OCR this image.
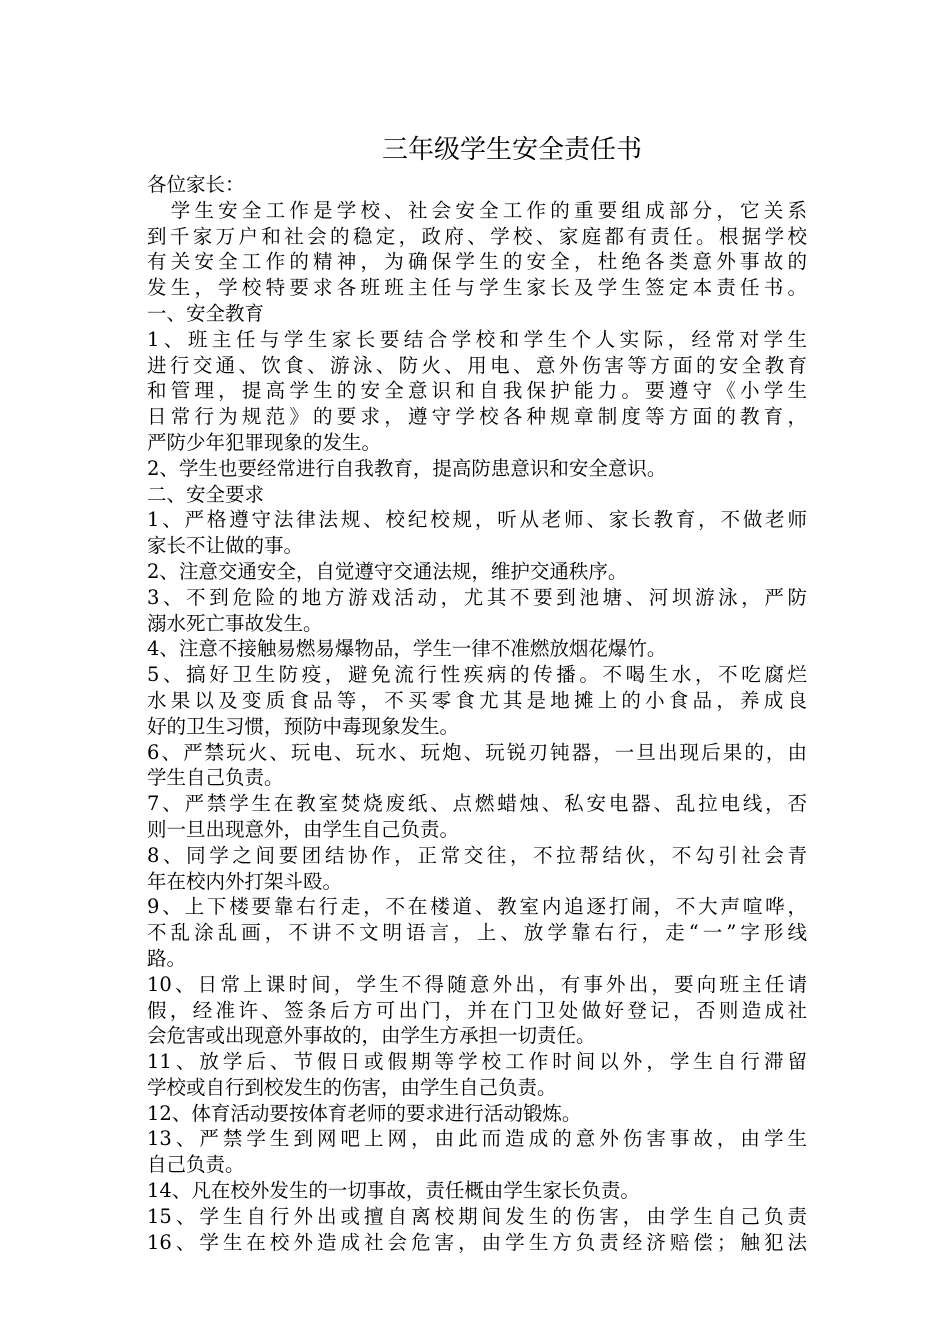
三年级学生安全责任书
各位家长：
　学生安全工作是学校、社会安全工作的重要组成部分，它关系
到千家万户和社会的稳定，政府、学校、家庭都有责任。根据学校
有关安全工作的精神，为确保学生的安全，杜绝各类意外事故的
发生，学校特要求各班班主任与学生家长及学生签定本责任书。
一、安全教育
1、班主任与学生家长要结合学校和学生个人实际，经常对学生
进行交通、饮食、游泳、防火、用电、意外伤害等方面的安全教育
和管理，提高学生的安全意识和自我保护能力。要遵守《小学生
日常行为规范》的要求，遵守学校各种规章制度等方面的教育，
严防少年犯罪现象的发生。
2、学生也要经常进行自我教育，提高防患意识和安全意识。
二、安全要求
1、严格遵守法律法规、校纪校规，听从老师、家长教育，不做老师
家长不让做的事。
2、注意交通安全，自觉遵守交通法规，维护交通秩序。
3、不到危险的地方游戏活动，尤其不要到池塘、河坝游泳，严防
溺水死亡事故发生。
4、注意不接触易燃易爆物品，学生一律不准燃放烟花爆竹。
5、搞好卫生防疫，避免流行性疾病的传播。不喝生水，不吃腐烂
水果以及变质食品等，不买零食尤其是地摊上的小食品，养成良
好的卫生习惯，预防中毒现象发生。
6、严禁玩火、玩电、玩水、玩炮、玩锐刃钝器，一旦出现后果的，由
学生自己负责。
7、严禁学生在教室焚烧废纸、点燃蜡烛、私安电器、乱拉电线，否
则一旦出现意外，由学生自己负责。
8、同学之间要团结协作，正常交往，不拉帮结伙，不勾引社会青
年在校内外打架斗殴。
9、上下楼要靠右行走，不在楼道、教室内追逐打闹，不大声喧哗，
不乱涂乱画，不讲不文明语言，上、放学靠右行，走“一”字形线
路。
10、日常上课时间，学生不得随意外出，有事外出，要向班主任请
假，经准许、签条后方可出门，并在门卫处做好登记，否则造成社
会危害或出现意外事故的，由学生方承担一切责任。
11、放学后、节假日或假期等学校工作时间以外，学生自行滞留
学校或自行到校发生的伤害，由学生自己负责。
12、体育活动要按体育老师的要求进行活动锻炼。
13、严禁学生到网吧上网，由此而造成的意外伤害事故，由学生
自己负责。
14、凡在校外发生的一切事故，责任概由学生家长负责。
15、学生自行外出或擅自离校期间发生的伤害，由学生自己负责
16、学生在校外造成社会危害，由学生方负责经济赔偿；触犯法
